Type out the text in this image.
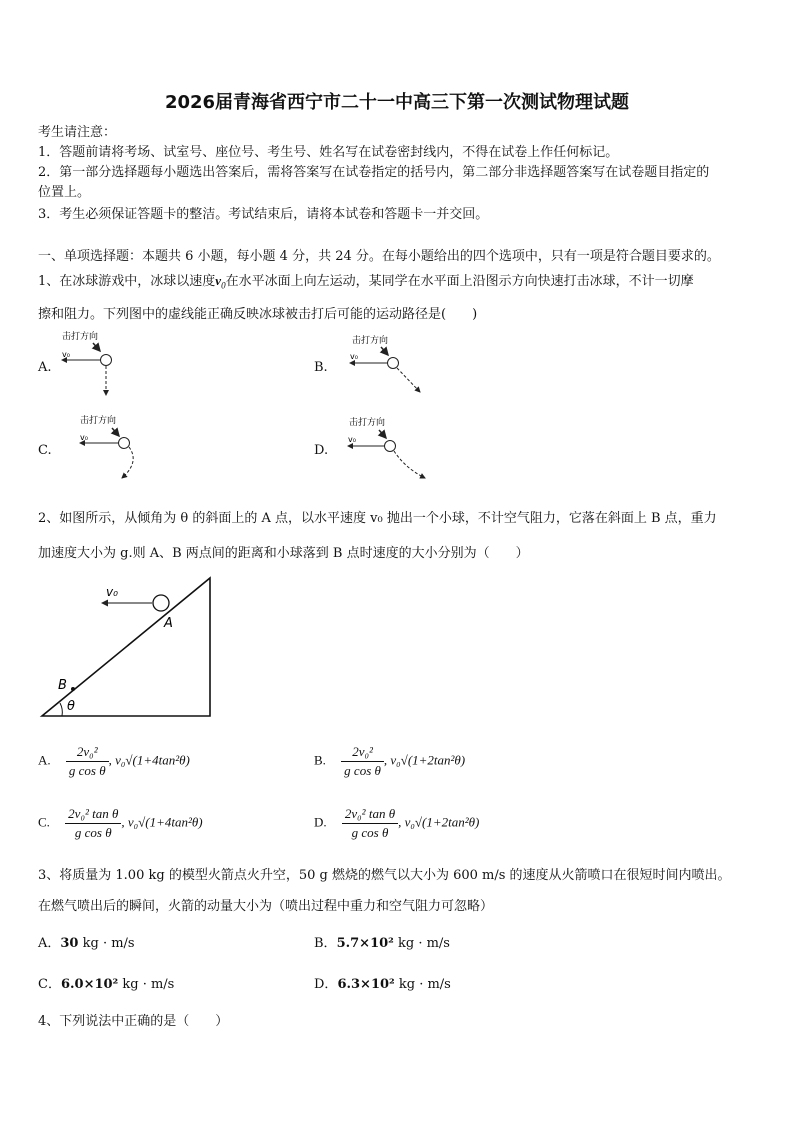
2026届青海省西宁市二十一中高三下第一次测试物理试题
考生请注意：
1．答题前请将考场、试室号、座位号、考生号、姓名写在试卷密封线内，不得在试卷上作任何标记。
2．第一部分选择题每小题选出答案后，需将答案写在试卷指定的括号内，第二部分非选择题答案写在试卷题目指定的
位置上。
3．考生必须保证答题卡的整洁。考试结束后，请将本试卷和答题卡一并交回。
一、单项选择题：本题共 6 小题，每小题 4 分，共 24 分。在每小题给出的四个选项中，只有一项是符合题目要求的。
1、在冰球游戏中，冰球以速度$v_0$在水平冰面上向左运动，某同学在水平面上沿图示方向快速打击冰球，不计一切摩
擦和阻力。下列图中的虚线能正确反映冰球被击打后可能的运动路径是(　　)
A.	B.
C.	D.
击打方向
v₀
击打方向
v₀
击打方向
v₀
击打方向
v₀
2、如图所示，从倾角为 θ 的斜面上的 A 点，以水平速度 v₀ 抛出一个小球，不计空气阻力，它落在斜面上 B 点，重力
加速度大小为 g.则 A、B 两点间的距离和小球落到 B 点时速度的大小分别为（　　）
v₀
A
B
θ
A. $\frac{\text{2v₀²}}{\text{g cos θ}}$ , v₀√(1+4tan²θ)	B. $\frac{\text{2v₀²}}{\text{g cos θ}}$ , v₀√(1+2tan²θ)
C. $\frac{\text{2v₀² tan θ}}{\text{g cos θ}}$ , v₀√(1+4tan²θ)	D. $\frac{\text{2v₀² tan θ}}{\text{g cos θ}}$ , v₀√(1+2tan²θ)
3、将质量为 1.00 kg 的模型火箭点火升空，50 g 燃烧的燃气以大小为 600 m/s 的速度从火箭喷口在很短时间内喷出。
在燃气喷出后的瞬间，火箭的动量大小为（喷出过程中重力和空气阻力可忽略）
A．30 kg · m/s	B．5.7×10² kg · m/s
C．6.0×10² kg · m/s	D．6.3×10² kg · m/s
4、下列说法中正确的是（　　）
